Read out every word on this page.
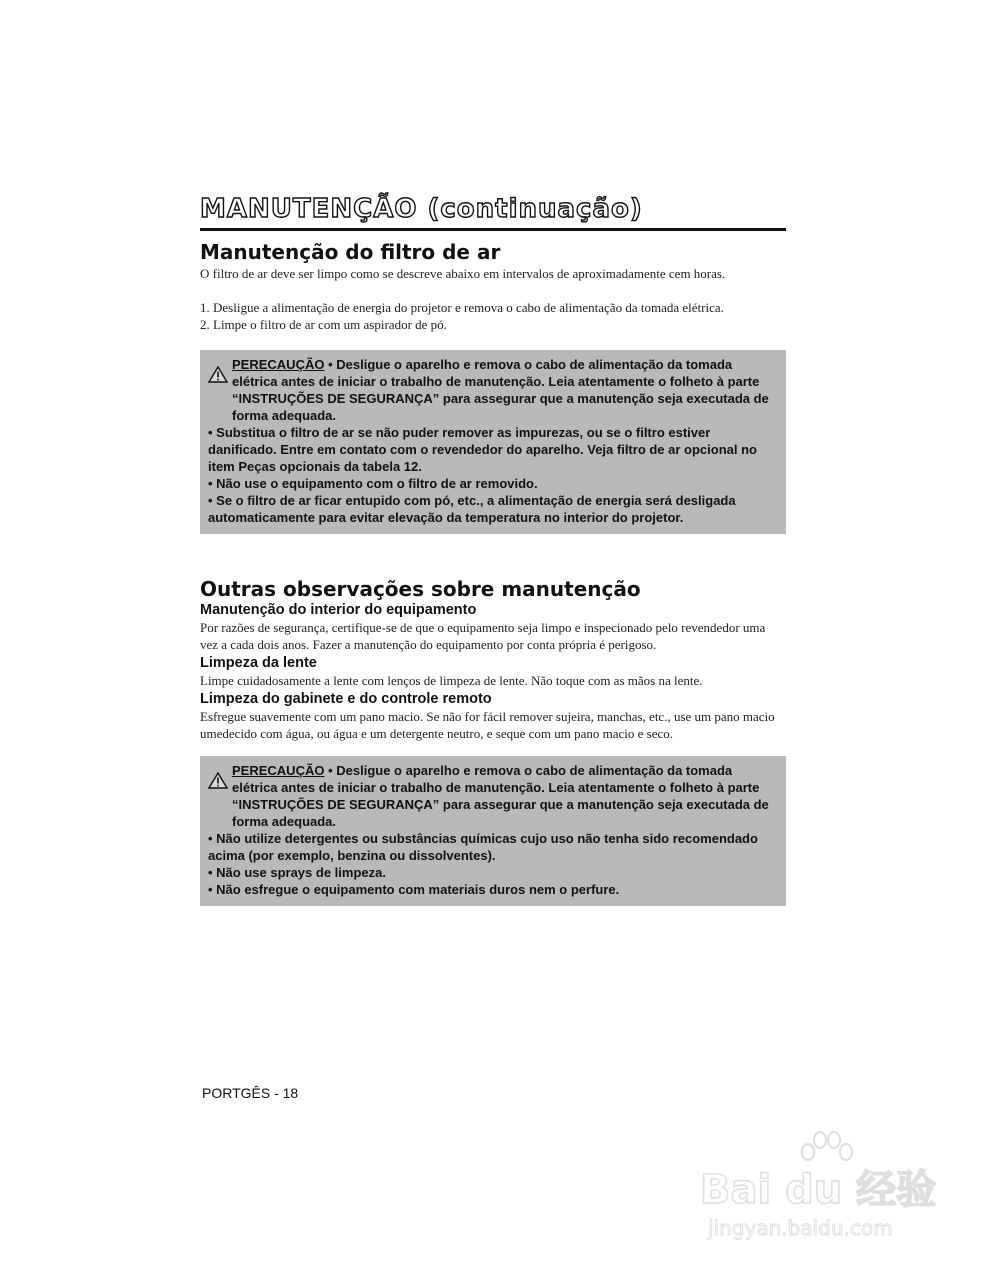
MANUTENÇÃO (continuação)
Manutenção do filtro de ar

O filtro de ar deve ser limpo como se descreve abaixo em intervalos de aproximadamente cem horas.

1. Desligue a alimentação de energia do projetor e remova o cabo de alimentação da tomada elétrica.

2. Limpe o filtro de ar com um aspirador de pó.

PERECAUÇÃO • Desligue o aparelho e remova o cabo de alimentação da tomada elétrica antes de iniciar o trabalho de manutenção. Leia atentamente o folheto à parte “INSTRUÇÕES DE SEGURANÇA” para assegurar que a manutenção seja executada de forma adequada.

• Substitua o filtro de ar se não puder remover as impurezas, ou se o filtro estiver danificado. Entre em contato com o revendedor do aparelho. Veja filtro de ar opcional no item Peças opcionais da tabela 12.

• Não use o equipamento com o filtro de ar removido.

• Se o filtro de ar ficar entupido com pó, etc., a alimentação de energia será desligada automaticamente para evitar elevação da temperatura no interior do projetor.

Outras observações sobre manutenção
Manutenção do interior do equipamento

Por razões de segurança, certifique-se de que o equipamento seja limpo e inspecionado pelo revendedor uma vez a cada dois anos. Fazer a manutenção do equipamento por conta própria é perigoso.

Limpeza da lente

Limpe cuidadosamente a lente com lenços de limpeza de lente. Não toque com as mãos na lente.

Limpeza do gabinete e do controle remoto

Esfregue suavemente com um pano macio. Se não for fácil remover sujeira, manchas, etc., use um pano macio umedecido com água, ou água e um detergente neutro, e seque com um pano macio e seco.

PERECAUÇÃO • Desligue o aparelho e remova o cabo de alimentação da tomada elétrica antes de iniciar o trabalho de manutenção. Leia atentamente o folheto à parte “INSTRUÇÕES DE SEGURANÇA” para assegurar que a manutenção seja executada de forma adequada.

• Não utilize detergentes ou substâncias químicas cujo uso não tenha sido recomendado acima (por exemplo, benzina ou dissolventes).

• Não use sprays de limpeza.

• Não esfregue o equipamento com materiais duros nem o perfure.

PORTGÊS - 18
Bai du 经验
jingyan.baidu.com
